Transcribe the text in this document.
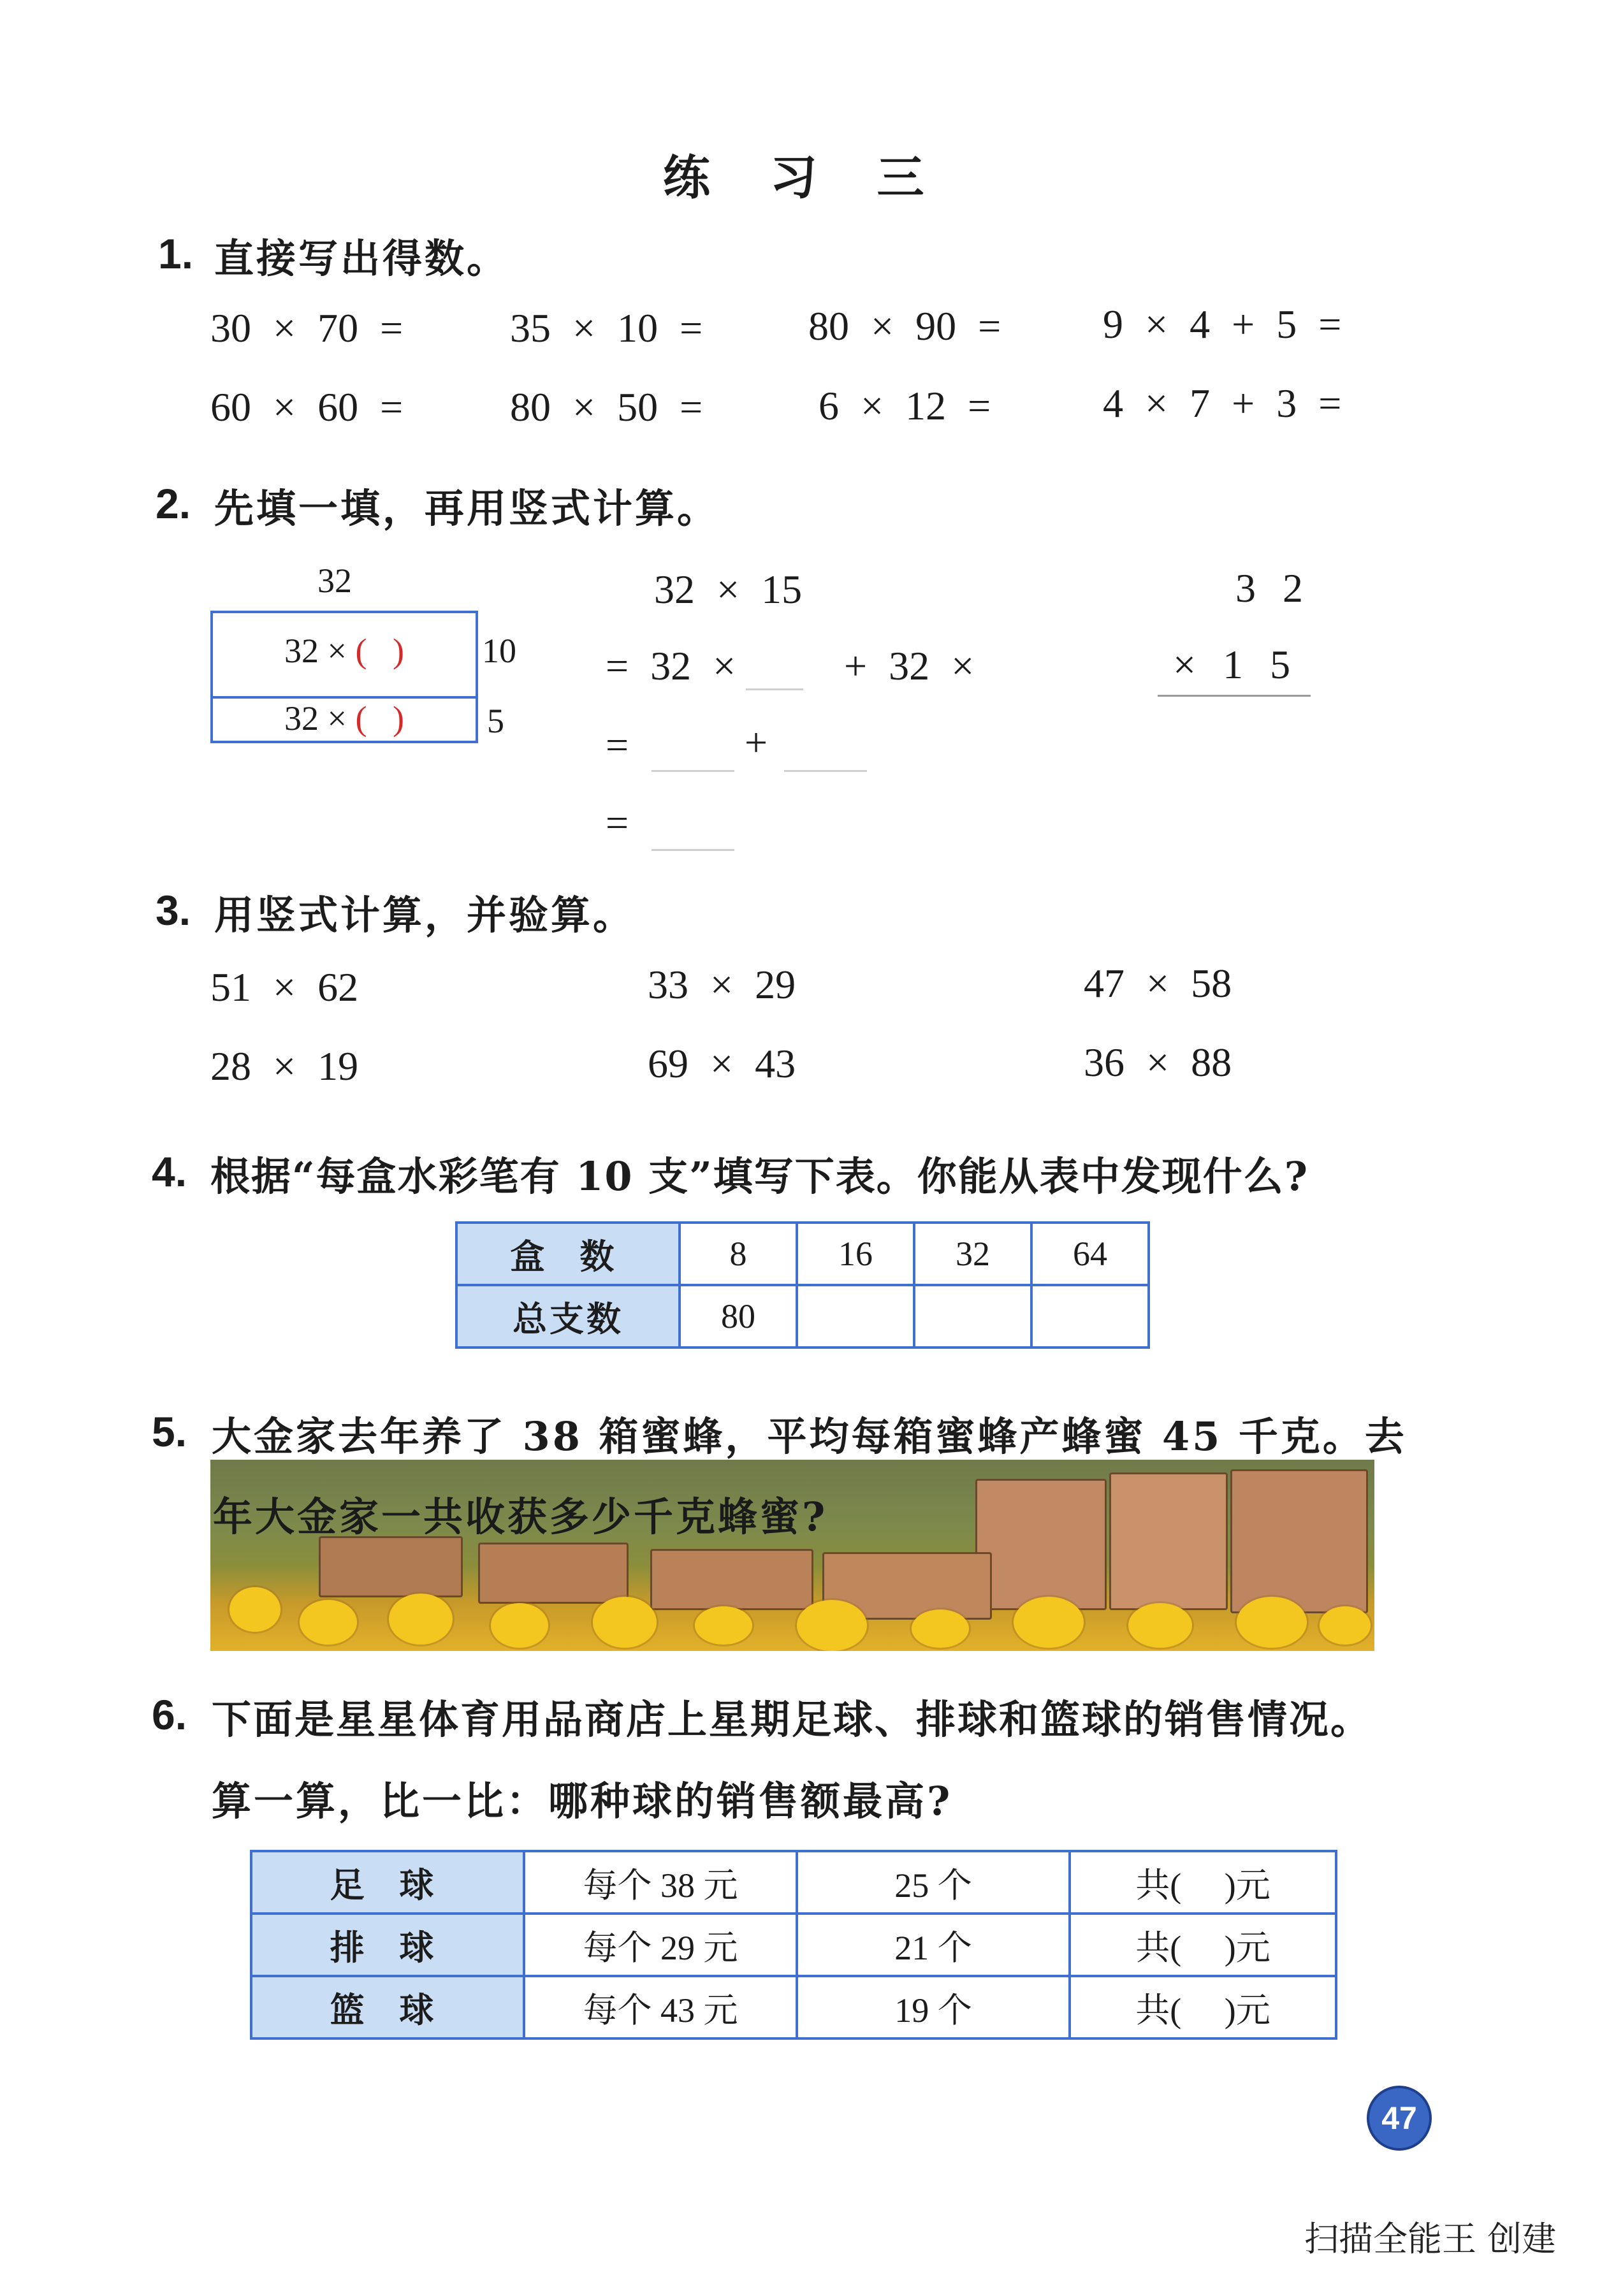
练 习 三
1. 直接写出得数。
30 × 70 =	35 × 10 =	80 × 90 = 9 × 4 + 5 =
60 × 60 =	80 × 50 =	6 × 12 =	4 × 7 + 3 =
2. 先填一填，再用竖式计算。
32
32 × ( )
32 × ( )
10
5
32 × 15
= 32 ×	+ 32 ×
=	+
=
3 2
× 1 5
3. 用竖式计算，并验算。
51 × 62	33 × 29	47 × 58
28 × 19	69 × 43	36 × 88
4. 根据“每盒水彩笔有 10 支”填写下表。你能从表中发现什么?
盒 数	8	16	32	64
总支数	80			
5. 大金家去年养了 38 箱蜜蜂，平均每箱蜜蜂产蜂蜜 45 千克。去
年大金家一共收获多少千克蜂蜜?
6. 下面是星星体育用品商店上星期足球、排球和篮球的销售情况。
算一算，比一比：哪种球的销售额最高?
足 球	每个 38 元	25 个	共( )元
排 球	每个 29 元	21 个	共( )元
篮 球	每个 43 元	19 个	共( )元
47
扫描全能王 创建
